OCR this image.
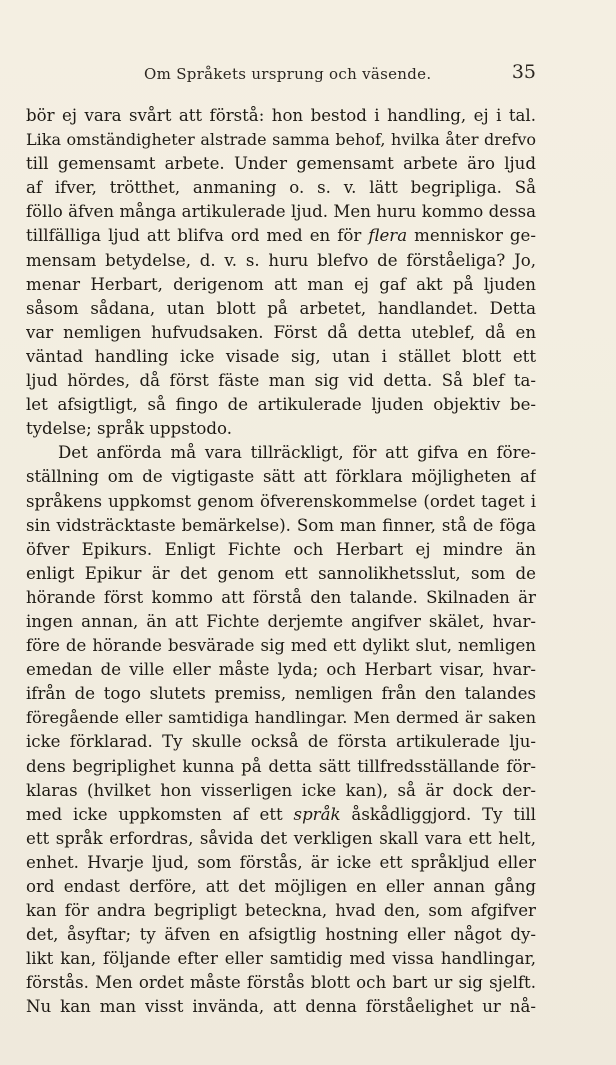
Om Språkets ursprung och väsende.	35
bör ej vara svårt att förstå: hon bestod i handling, ej i tal.
Lika omständigheter alstrade samma behof, hvilka åter drefvo
till gemensamt arbete. Under gemensamt arbete äro ljud
af ifver, trötthet, anmaning o. s. v. lätt begripliga. Så
föllo äfven många artikulerade ljud. Men huru kommo dessa
tillfälliga ljud att blifva ord med en för flera menniskor ge-
mensam betydelse, d. v. s. huru blefvo de förståeliga? Jo,
menar Herbart, derigenom att man ej gaf akt på ljuden
såsom sådana, utan blott på arbetet, handlandet. Detta
var nemligen hufvudsaken. Först då detta uteblef, då en
väntad handling icke visade sig, utan i stället blott ett
ljud hördes, då först fäste man sig vid detta. Så blef ta-
let afsigtligt, så fingo de artikulerade ljuden objektiv be-
tydelse; språk uppstodo.
Det anförda må vara tillräckligt, för att gifva en före-
ställning om de vigtigaste sätt att förklara möjligheten af
språkens uppkomst genom öfverenskommelse (ordet taget i
sin vidsträcktaste bemärkelse). Som man finner, stå de föga
öfver Epikurs. Enligt Fichte och Herbart ej mindre än
enligt Epikur är det genom ett sannolikhetsslut, som de
hörande först kommo att förstå den talande. Skilnaden är
ingen annan, än att Fichte derjemte angifver skälet, hvar-
före de hörande besvärade sig med ett dylikt slut, nemligen
emedan de ville eller måste lyda; och Herbart visar, hvar-
ifrån de togo slutets premiss, nemligen från den talandes
föregående eller samtidiga handlingar. Men dermed är saken
icke förklarad. Ty skulle också de första artikulerade lju-
dens begriplighet kunna på detta sätt tillfredsställande för-
klaras (hvilket hon visserligen icke kan), så är dock der-
med icke uppkomsten af ett språk åskådliggjord. Ty till
ett språk erfordras, såvida det verkligen skall vara ett helt,
enhet. Hvarje ljud, som förstås, är icke ett språkljud eller
ord endast derföre, att det möjligen en eller annan gång
kan för andra begripligt beteckna, hvad den, som afgifver
det, åsyftar; ty äfven en afsigtlig hostning eller något dy-
likt kan, följande efter eller samtidig med vissa handlingar,
förstås. Men ordet måste förstås blott och bart ur sig sjelft.
Nu kan man visst invända, att denna förståelighet ur nå-
